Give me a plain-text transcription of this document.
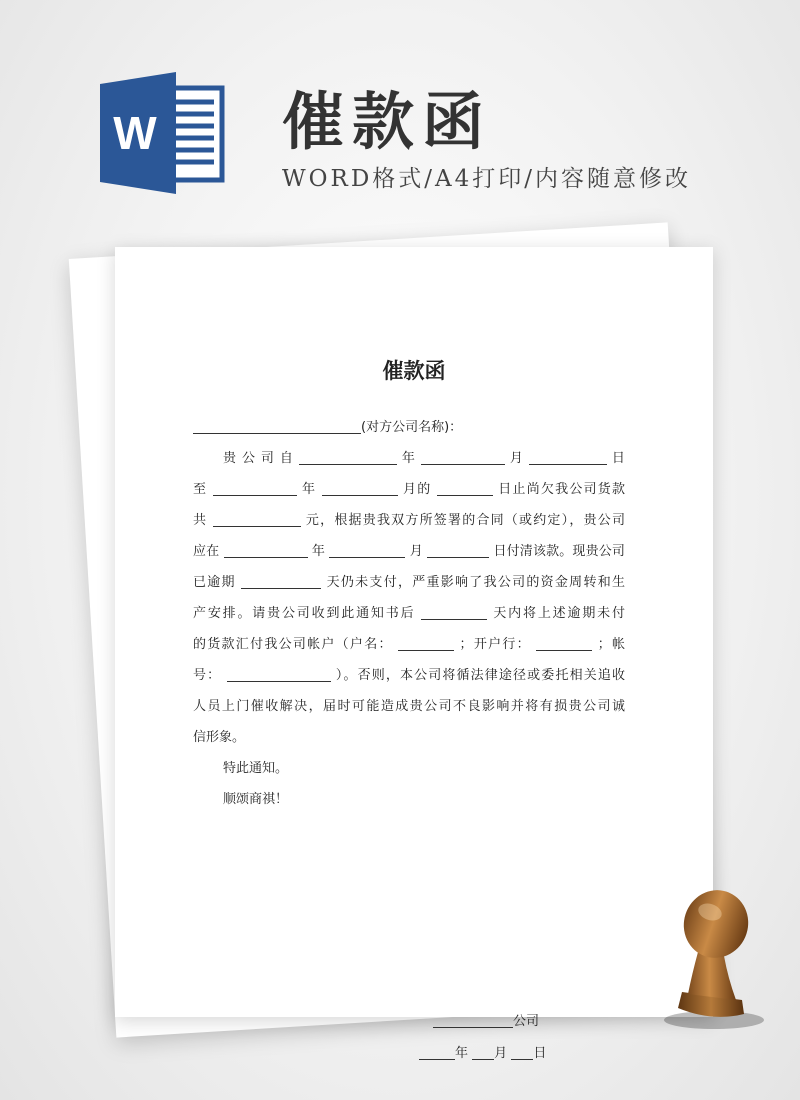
W 催款函
WORD格式/A4打印/内容随意修改
催款函
(对方公司名称)：
贵 公 司 自	年	月	日
至	年	月的	日止尚欠我公司货款
共	元，根据贵我双方所签署的合同（或约定），贵公司
应在	年	月	日付清该款。现贵公司
已逾期	天仍未支付，严重影响了我公司的资金周转和生
产安排。请贵公司收到此通知书后	天内将上述逾期未付
的货款汇付我公司帐户（户名：	；开户行：	；帐
号：	）。否则，本公司将循法律途径或委托相关追收
人员上门催收解决，届时可能造成贵公司不良影响并将有损贵公司诚
信形象。
特此通知。
顺颂商祺！
公司
年 月 日
